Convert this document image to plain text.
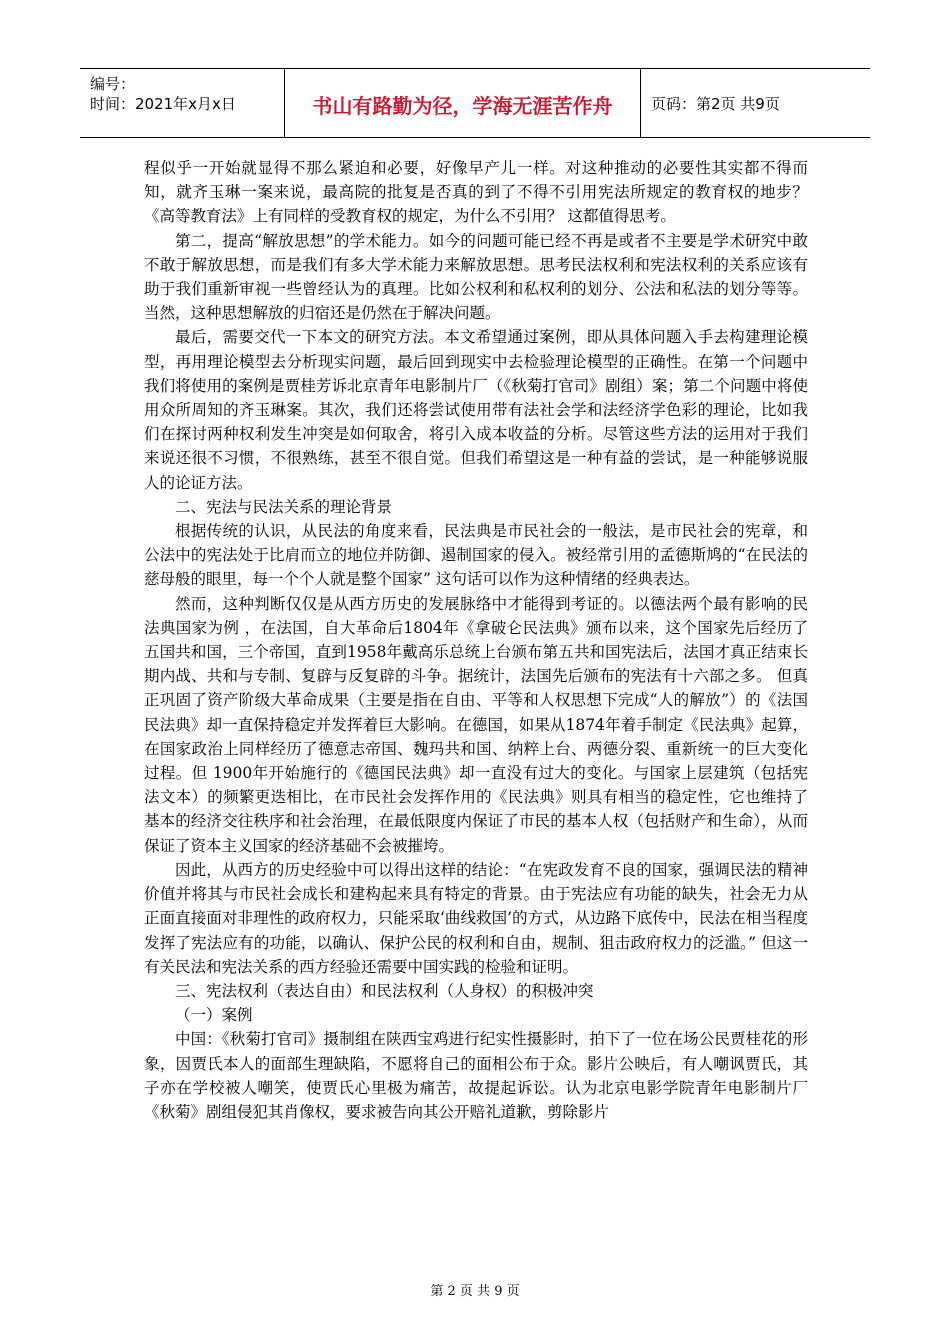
编号：
时间：2021年x月x日	书山有路勤为径，学海无涯苦作舟	页码：第2页 共9页

程似乎一开始就显得不那么紧迫和必要，好像早产儿一样。对这种推动的必要性其实都不得而知，就齐玉琳一案来说，最高院的批复是否真的到了不得不引用宪法所规定的教育权的地步？《高等教育法》上有同样的受教育权的规定，为什么不引用？ 这都值得思考。

第二，提高“解放思想”的学术能力。如今的问题可能已经不再是或者不主要是学术研究中敢不敢于解放思想，而是我们有多大学术能力来解放思想。思考民法权利和宪法权利的关系应该有助于我们重新审视一些曾经认为的真理。比如公权利和私权利的划分、公法和私法的划分等等。当然，这种思想解放的归宿还是仍然在于解决问题。

最后，需要交代一下本文的研究方法。本文希望通过案例，即从具体问题入手去构建理论模型，再用理论模型去分析现实问题，最后回到现实中去检验理论模型的正确性。在第一个问题中我们将使用的案例是贾桂芳诉北京青年电影制片厂（《秋菊打官司》剧组）案；第二个问题中将使用众所周知的齐玉琳案。其次，我们还将尝试使用带有法社会学和法经济学色彩的理论，比如我们在探讨两种权利发生冲突是如何取舍，将引入成本收益的分析。尽管这些方法的运用对于我们来说还很不习惯，不很熟练，甚至不很自觉。但我们希望这是一种有益的尝试，是一种能够说服人的论证方法。

二、宪法与民法关系的理论背景

根据传统的认识，从民法的角度来看，民法典是市民社会的一般法，是市民社会的宪章，和公法中的宪法处于比肩而立的地位并防御、遏制国家的侵入。被经常引用的孟德斯鸠的“在民法的慈母般的眼里，每一个个人就是整个国家” 这句话可以作为这种情绪的经典表达。

然而，这种判断仅仅是从西方历史的发展脉络中才能得到考证的。以德法两个最有影响的民法典国家为例 ，在法国，自大革命后1804年《拿破仑民法典》颁布以来，这个国家先后经历了五国共和国，三个帝国，直到1958年戴高乐总统上台颁布第五共和国宪法后，法国才真正结束长期内战、共和与专制、复辟与反复辟的斗争。据统计，法国先后颁布的宪法有十六部之多。 但真正巩固了资产阶级大革命成果（主要是指在自由、平等和人权思想下完成“人的解放”）的《法国民法典》却一直保持稳定并发挥着巨大影响。在德国，如果从1874年着手制定《民法典》起算，在国家政治上同样经历了德意志帝国、魏玛共和国、纳粹上台、两德分裂、重新统一的巨大变化过程。但 1900年开始施行的《德国民法典》却一直没有过大的变化。与国家上层建筑（包括宪法文本）的频繁更迭相比，在市民社会发挥作用的《民法典》则具有相当的稳定性，它也维持了基本的经济交往秩序和社会治理，在最低限度内保证了市民的基本人权（包括财产和生命），从而保证了资本主义国家的经济基础不会被摧垮。

因此，从西方的历史经验中可以得出这样的结论：“在宪政发育不良的国家，强调民法的精神价值并将其与市民社会成长和建构起来具有特定的背景。由于宪法应有功能的缺失，社会无力从正面直接面对非理性的政府权力，只能采取‘曲线救国’的方式，从边路下底传中，民法在相当程度发挥了宪法应有的功能，以确认、保护公民的权利和自由，规制、狙击政府权力的泛滥。” 但这一有关民法和宪法关系的西方经验还需要中国实践的检验和证明。

三、宪法权利（表达自由）和民法权利（人身权）的积极冲突

（一）案例

中国：《秋菊打官司》摄制组在陕西宝鸡进行纪实性摄影时，拍下了一位在场公民贾桂花的形象，因贾氏本人的面部生理缺陷，不愿将自己的面相公布于众。影片公映后，有人嘲讽贾氏，其子亦在学校被人嘲笑，使贾氏心里极为痛苦，故提起诉讼。认为北京电影学院青年电影制片厂《秋菊》剧组侵犯其肖像权，要求被告向其公开赔礼道歉，剪除影片

第 2 页 共 9 页
